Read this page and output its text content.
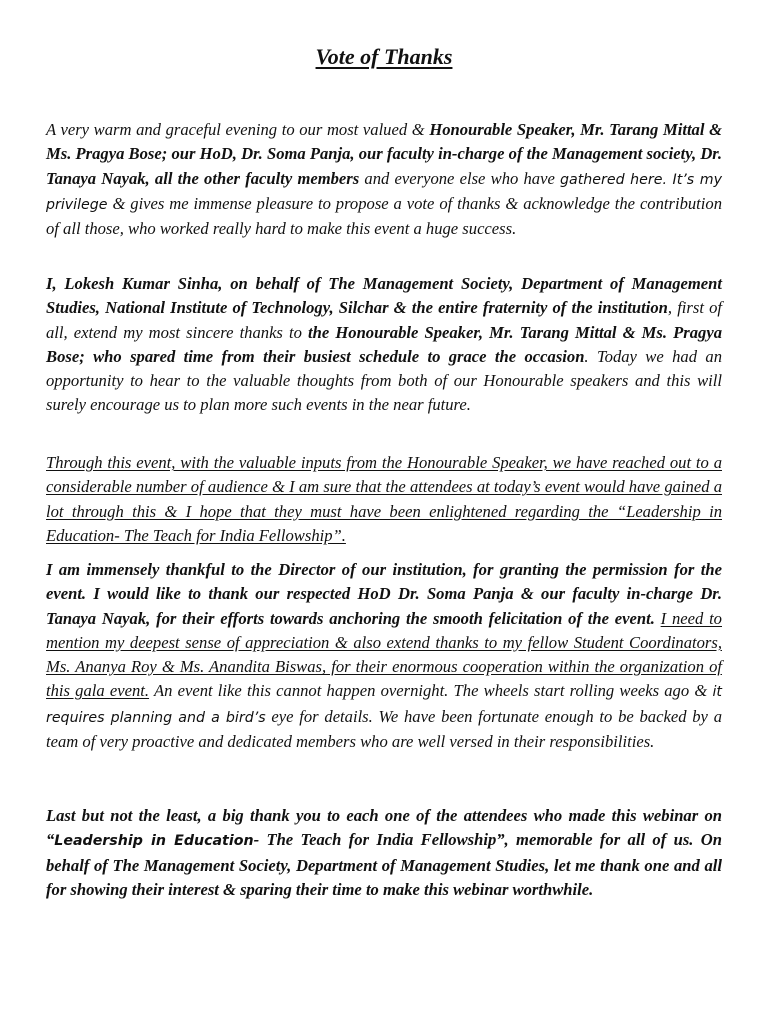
Vote of Thanks

A very warm and graceful evening to our most valued & Honourable Speaker, Mr. Tarang Mittal & Ms. Pragya Bose; our HoD, Dr. Soma Panja, our faculty in-charge of the Management society, Dr. Tanaya Nayak, all the other faculty members and everyone else who have gathered here. It’s my privilege & gives me immense pleasure to propose a vote of thanks & acknowledge the contribution of all those, who worked really hard to make this event a huge success.

I, Lokesh Kumar Sinha, on behalf of The Management Society, Department of Management Studies, National Institute of Technology, Silchar & the entire fraternity of the institution, first of all, extend my most sincere thanks to the Honourable Speaker, Mr. Tarang Mittal & Ms. Pragya Bose; who spared time from their busiest schedule to grace the occasion. Today we had an opportunity to hear to the valuable thoughts from both of our Honourable speakers and this will surely encourage us to plan more such events in the near future.

Through this event, with the valuable inputs from the Honourable Speaker, we have reached out to a considerable number of audience & I am sure that the attendees at today’s event would have gained a lot through this & I hope that they must have been enlightened regarding the “Leadership in Education- The Teach for India Fellowship”.

I am immensely thankful to the Director of our institution, for granting the permission for the event. I would like to thank our respected HoD Dr. Soma Panja & our faculty in-charge Dr. Tanaya Nayak, for their efforts towards anchoring the smooth felicitation of the event. I need to mention my deepest sense of appreciation & also extend thanks to my fellow Student Coordinators, Ms. Ananya Roy & Ms. Anandita Biswas, for their enormous cooperation within the organization of this gala event. An event like this cannot happen overnight. The wheels start rolling weeks ago & it requires planning and a bird’s eye for details. We have been fortunate enough to be backed by a team of very proactive and dedicated members who are well versed in their responsibilities.

Last but not the least, a big thank you to each one of the attendees who made this webinar on “Leadership in Education- The Teach for India Fellowship”, memorable for all of us. On behalf of The Management Society, Department of Management Studies, let me thank one and all for showing their interest & sparing their time to make this webinar worthwhile.
